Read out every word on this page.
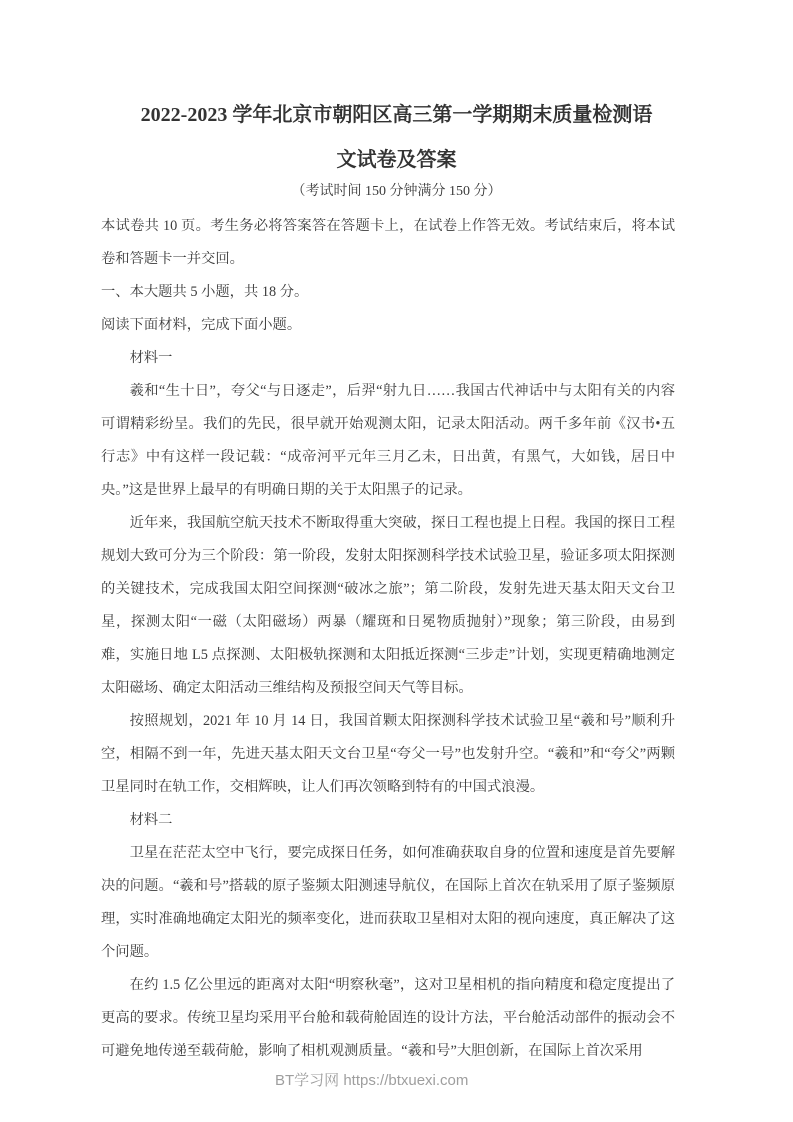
2022-2023 学年北京市朝阳区高三第一学期期末质量检测语
文试卷及答案
（考试时间 150 分钟满分 150 分）

本试卷共 10 页。考生务必将答案答在答题卡上，在试卷上作答无效。考试结束后，将本试卷和答题卡一并交回。

一、本大题共 5 小题，共 18 分。

阅读下面材料，完成下面小题。

材料一

羲和“生十日”，夸父“与日逐走”，后羿“射九日……我国古代神话中与太阳有关的内容可谓精彩纷呈。我们的先民，很早就开始观测太阳，记录太阳活动。两千多年前《汉书•五行志》中有这样一段记载：“成帝河平元年三月乙未，日出黄，有黑气，大如钱，居日中央。”这是世界上最早的有明确日期的关于太阳黑子的记录。

近年来，我国航空航天技术不断取得重大突破，探日工程也提上日程。我国的探日工程规划大致可分为三个阶段：第一阶段，发射太阳探测科学技术试验卫星，验证多项太阳探测的关键技术，完成我国太阳空间探测“破冰之旅”；第二阶段，发射先进天基太阳天文台卫星，探测太阳“一磁（太阳磁场）两暴（耀斑和日冕物质抛射）”现象；第三阶段，由易到难，实施日地 L5 点探测、太阳极轨探测和太阳抵近探测“三步走”计划，实现更精确地测定太阳磁场、确定太阳活动三维结构及预报空间天气等目标。

按照规划，2021 年 10 月 14 日，我国首颗太阳探测科学技术试验卫星“羲和号”顺利升空，相隔不到一年，先进天基太阳天文台卫星“夸父一号”也发射升空。“羲和”和“夸父”两颗卫星同时在轨工作，交相辉映，让人们再次领略到特有的中国式浪漫。

材料二

卫星在茫茫太空中飞行，要完成探日任务，如何准确获取自身的位置和速度是首先要解决的问题。“羲和号”搭载的原子鉴频太阳测速导航仪，在国际上首次在轨采用了原子鉴频原理，实时准确地确定太阳光的频率变化，进而获取卫星相对太阳的视向速度，真正解决了这个问题。

在约 1.5 亿公里远的距离对太阳“明察秋毫”，这对卫星相机的指向精度和稳定度提出了更高的要求。传统卫星均采用平台舱和载荷舱固连的设计方法，平台舱活动部件的振动会不可避免地传递至载荷舱，影响了相机观测质量。“羲和号”大胆创新，在国际上首次采用

BT学习网 https://btxuexi.com
